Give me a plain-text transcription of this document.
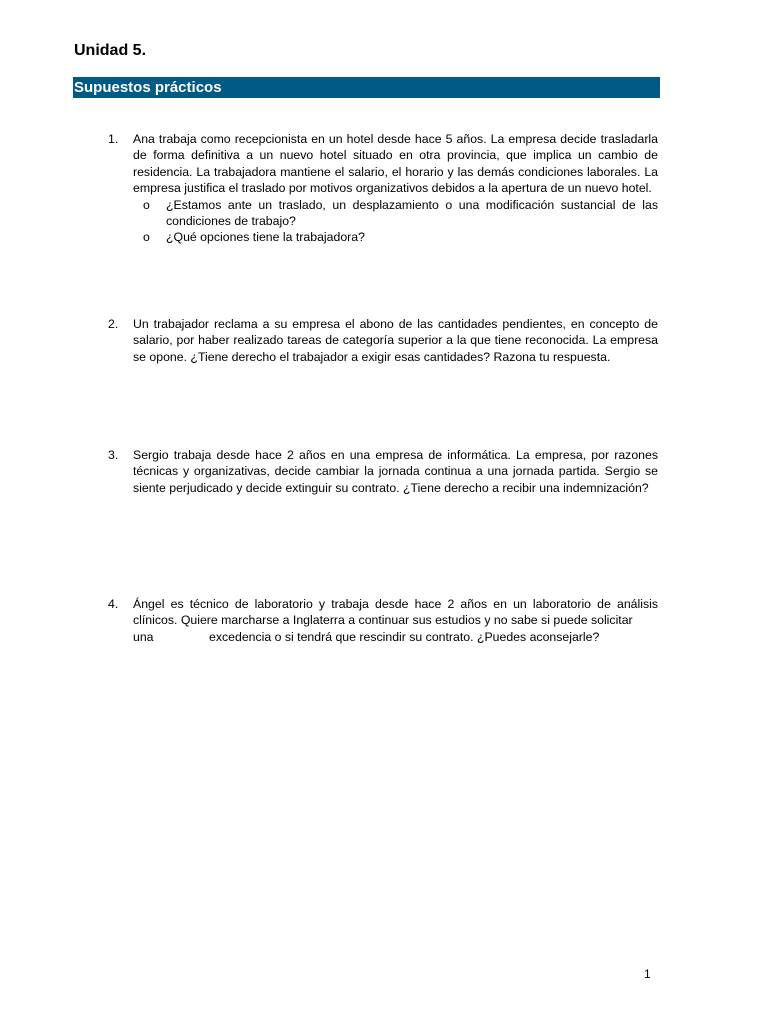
Unidad 5.
Supuestos prácticos
1.	Ana trabaja como recepcionista en un hotel desde hace 5 años. La empresa decide trasladarla de forma definitiva a un nuevo hotel situado en otra provincia, que implica un cambio de residencia. La trabajadora mantiene el salario, el horario y las demás condiciones laborales. La empresa justifica el traslado por motivos organizativos debidos a la apertura de un nuevo hotel.
o ¿Estamos ante un traslado, un desplazamiento o una modificación sustancial de las condiciones de trabajo?
o ¿Qué opciones tiene la trabajadora?
2.	Un trabajador reclama a su empresa el abono de las cantidades pendientes, en concepto de salario, por haber realizado tareas de categoría superior a la que tiene reconocida. La empresa se opone. ¿Tiene derecho el trabajador a exigir esas cantidades? Razona tu respuesta.
3.	Sergio trabaja desde hace 2 años en una empresa de informática. La empresa, por razones técnicas y organizativas, decide cambiar la jornada continua a una jornada partida. Sergio se siente perjudicado y decide extinguir su contrato. ¿Tiene derecho a recibir una indemnización?
4.	Ángel es técnico de laboratorio y trabaja desde hace 2 años en un laboratorio de análisis clínicos. Quiere marcharse a Inglaterra a continuar sus estudios y no sabe si puede solicitar
una	excedencia o si tendrá que rescindir su contrato. ¿Puedes aconsejarle?
1
